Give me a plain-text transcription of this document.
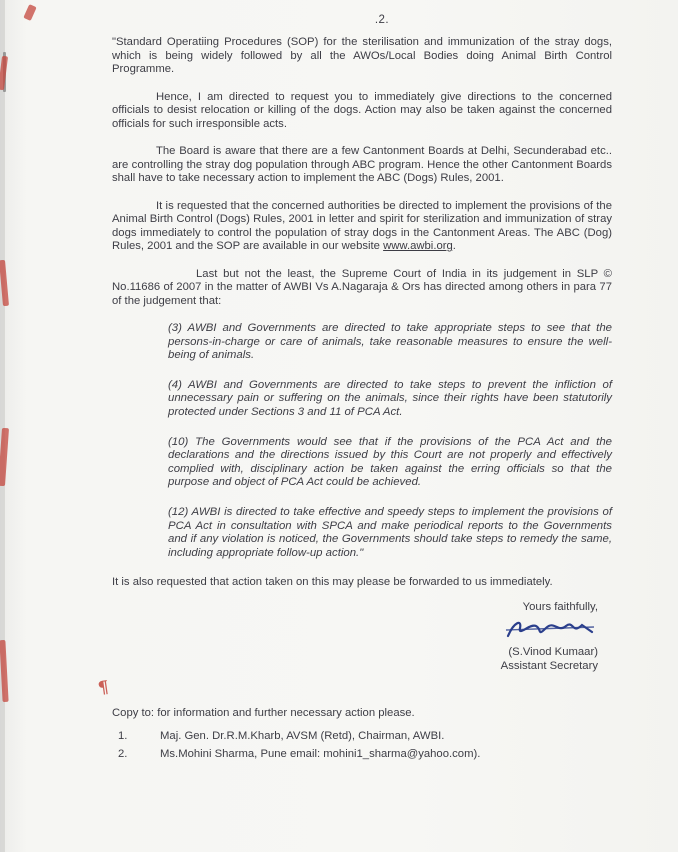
¶
.2.

"Standard Operatiing Procedures (SOP) for the sterilisation and immunization of the stray dogs, which is being widely followed by all the AWOs/Local Bodies doing Animal Birth Control Programme.

Hence, I am directed to request you to immediately give directions to the concerned officials to desist relocation or killing of the dogs. Action may also be taken against the concerned officials for such irresponsible acts.

The Board is aware that there are a few Cantonment Boards at Delhi, Secunderabad etc.. are controlling the stray dog population through ABC program. Hence the other Cantonment Boards shall have to take necessary action to implement the ABC (Dogs) Rules, 2001.

It is requested that the concerned authorities be directed to implement the provisions of the Animal Birth Control (Dogs) Rules, 2001 in letter and spirit for sterilization and immunization of stray dogs immediately to control the population of stray dogs in the Cantonment Areas. The ABC (Dog) Rules, 2001 and the SOP are available in our website www.awbi.org.

Last but not the least, the Supreme Court of India in its judgement in SLP © No.11686 of 2007 in the matter of AWBI Vs A.Nagaraja & Ors has directed among others in para 77 of the judgement that:

(3) AWBI and Governments are directed to take appropriate steps to see that the persons-in-charge or care of animals, take reasonable measures to ensure the well-being of animals.

(4) AWBI and Governments are directed to take steps to prevent the infliction of unnecessary pain or suffering on the animals, since their rights have been statutorily protected under Sections 3 and 11 of PCA Act.

(10) The Governments would see that if the provisions of the PCA Act and the declarations and the directions issued by this Court are not properly and effectively complied with, disciplinary action be taken against the erring officials so that the purpose and object of PCA Act could be achieved.

(12) AWBI is directed to take effective and speedy steps to implement the provisions of PCA Act in consultation with SPCA and make periodical reports to the Governments and if any violation is noticed, the Governments should take steps to remedy the same, including appropriate follow-up action."

It is also requested that action taken on this may please be forwarded to us immediately.

Yours faithfully,
(S.Vinod Kumaar)
Assistant Secretary
Copy to: for information and further necessary action please.
1.	Maj. Gen. Dr.R.M.Kharb, AVSM (Retd), Chairman, AWBI.
2.	Ms.Mohini Sharma, Pune email: mohini1_sharma@yahoo.com).
